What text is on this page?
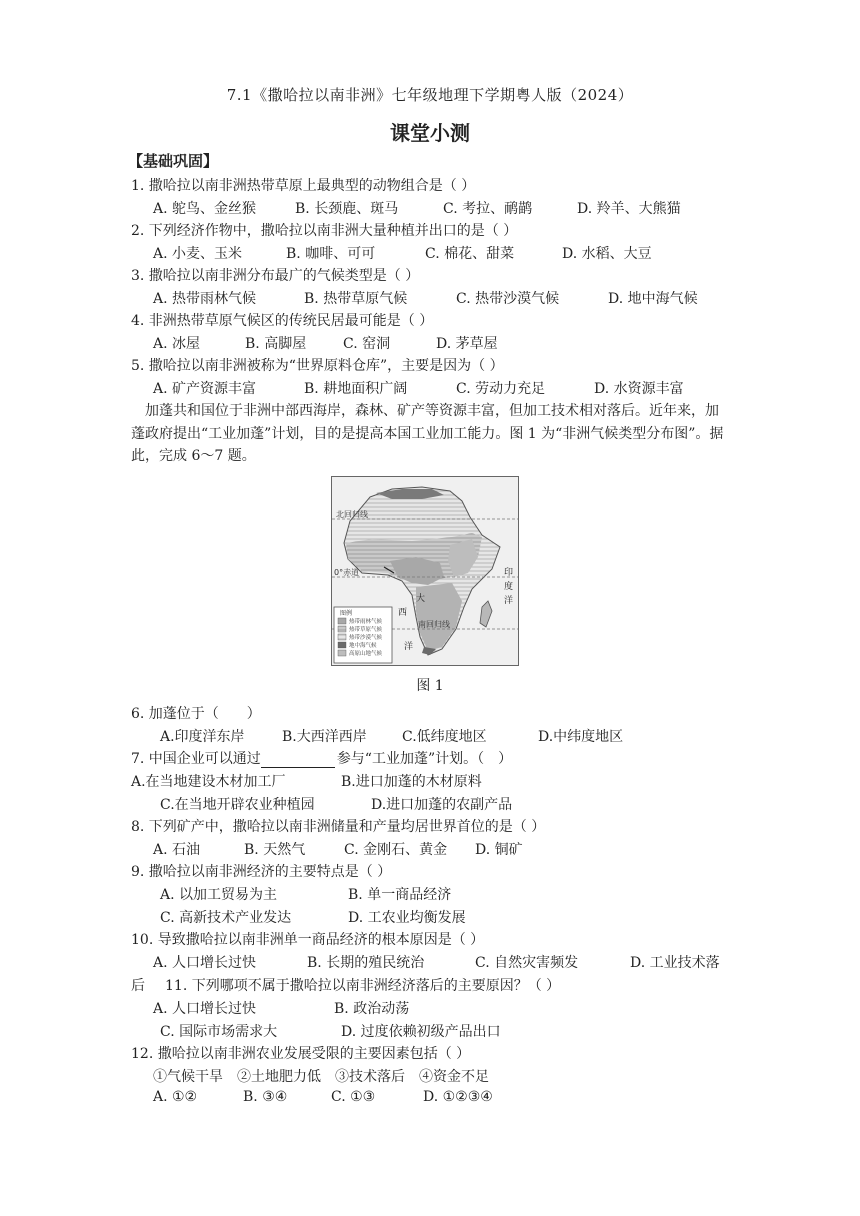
7.1《撒哈拉以南非洲》七年级地理下学期粤人版（2024）
课堂小测
【基础巩固】
1. 撒哈拉以南非洲热带草原上最典型的动物组合是（ ）
A. 鸵鸟、金丝猴	B. 长颈鹿、斑马	C. 考拉、鸸鹋	D. 羚羊、大熊猫
2. 下列经济作物中，撒哈拉以南非洲大量种植并出口的是（ ）
A. 小麦、玉米	B. 咖啡、可可	C. 棉花、甜菜	D. 水稻、大豆
3. 撒哈拉以南非洲分布最广的气候类型是（ ）
A. 热带雨林气候	B. 热带草原气候	C. 热带沙漠气候	D. 地中海气候
4. 非洲热带草原气候区的传统民居最可能是（ ）
A. 冰屋	B. 高脚屋	C. 窑洞	D. 茅草屋
5. 撒哈拉以南非洲被称为“世界原料仓库”，主要是因为（ ）
A. 矿产资源丰富	B. 耕地面积广阔	C. 劳动力充足	D. 水资源丰富
加蓬共和国位于非洲中部西海岸，森林、矿产等资源丰富，但加工技术相对落后。近年来，加蓬政府提出“工业加蓬”计划，目的是提高本国工业加工能力。图 1 为“非洲气候类型分布图”。据此，完成 6～7 题。
北回归线
0°赤道
南回归线
大
西
洋
印
度
洋
图例
热带雨林气候
热带草原气候
热带沙漠气候
地中海气候
高原山地气候
图 1
6. 加蓬位于（　　）
A.印度洋东岸	B.大西洋西岸	C.低纬度地区	D.中纬度地区
7. 中国企业可以通过	参与“工业加蓬”计划。（　）
A.在当地建设木材加工厂	B.进口加蓬的木材原料
C.在当地开辟农业种植园	D.进口加蓬的农副产品
8. 下列矿产中，撒哈拉以南非洲储量和产量均居世界首位的是（ ）
A. 石油	B. 天然气	C. 金刚石、黄金 D. 铜矿
9. 撒哈拉以南非洲经济的主要特点是（ ）
A. 以加工贸易为主	B. 单一商品经济
C. 高新技术产业发达	D. 工农业均衡发展
10. 导致撒哈拉以南非洲单一商品经济的根本原因是（ ）
A. 人口增长过快	B. 长期的殖民统治	C. 自然灾害频发	D. 工业技术落
后 11. 下列哪项不属于撒哈拉以南非洲经济落后的主要原因？（ ）
A. 人口增长过快	B. 政治动荡
C. 国际市场需求大	D. 过度依赖初级产品出口
12. 撒哈拉以南非洲农业发展受限的主要因素包括（ ）
①气候干旱　②土地肥力低　③技术落后　④资金不足
A. ①②	B. ③④	C. ①③	D. ①②③④
